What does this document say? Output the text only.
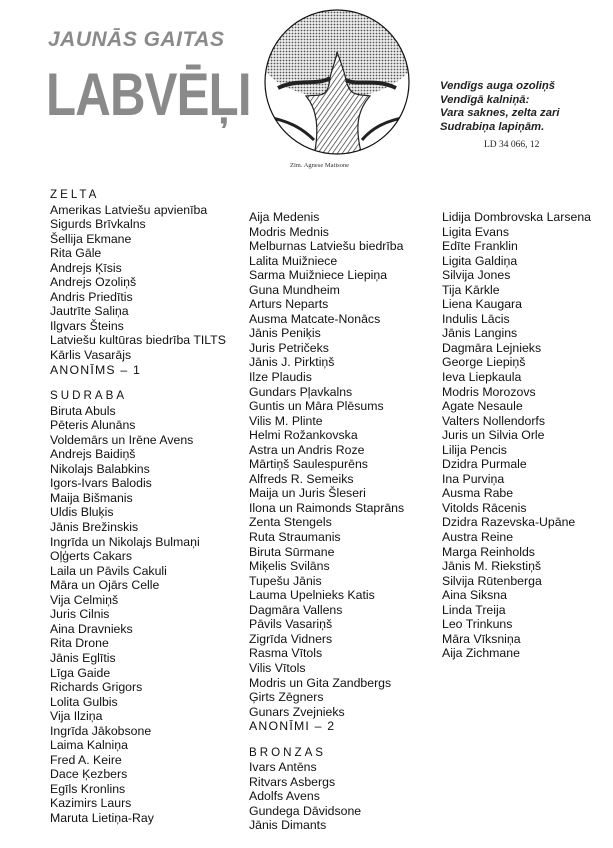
JAUNĀS GAITAS

LABVĒĻI
Zīm. Agnese Matisone
Vendīgs auga ozoliņš
Vendīgā kalniņā:
Vara saknes, zelta zari
Sudrabiņa lapiņām.
LD 34 066, 12
ZELTA
Amerikas Latviešu apvienība
Sigurds Brīvkalns
Šellija Ekmane
Rita Gāle
Andrejs Ķīsis
Andrejs Ozoliņš
Andris Priedītis
Jautrīte Saliņa
Ilgvars Šteins
Latviešu kultūras biedrība TILTS
Kārlis Vasarājs
ANONĪMS – 1
SUDRABA
Biruta Abuls
Pēteris Alunāns
Voldemārs un Irēne Avens
Andrejs Baidiņš
Nikolajs Balabkins
Igors-Ivars Balodis
Maija Bišmanis
Uldis Bluķis
Jānis Brežinskis
Ingrīda un Nikolajs Bulmaņi
Oļģerts Cakars
Laila un Pāvils Cakuli
Māra un Ojārs Celle
Vija Celmiņš
Juris Cilnis
Aina Dravnieks
Rita Drone
Jānis Eglītis
Līga Gaide
Richards Grigors
Lolita Gulbis
Vija Ilziņa
Ingrīda Jākobsone
Laima Kalniņa
Fred A. Keire
Dace Ķezbers
Egīls Kronlins
Kazimirs Laurs
Maruta Lietiņa-Ray
Aija Medenis
Modris Mednis
Melburnas Latviešu biedrība
Lalita Muižniece
Sarma Muižniece Liepiņa
Guna Mundheim
Arturs Neparts
Ausma Matcate-Nonācs
Jānis Peniķis
Juris Petričeks
Jānis J. Pirktiņš
Ilze Plaudis
Gundars Pļavkalns
Guntis un Māra Plēsums
Vilis M. Plinte
Helmi Rožankovska
Astra un Andris Roze
Mārtiņš Saulespurēns
Alfreds R. Semeiks
Maija un Juris Šleseri
Ilona un Raimonds Staprāns
Zenta Stengels
Ruta Straumanis
Biruta Sūrmane
Miķelis Svilāns
Tupešu Jānis
Lauma Upelnieks Katis
Dagmāra Vallens
Pāvils Vasariņš
Zigrīda Vidners
Rasma Vītols
Vilis Vītols
Modris un Gita Zandbergs
Ģirts Zēgners
Gunars Zvejnieks
ANONĪMI – 2
BRONZAS
Ivars Antēns
Ritvars Asbergs
Adolfs Avens
Gundega Dāvidsone
Jānis Dimants
Lidija Dombrovska Larsena
Ligita Evans
Edīte Franklin
Ligita Galdiņa
Silvija Jones
Tija Kārkle
Liena Kaugara
Indulis Lācis
Jānis Langins
Dagmāra Lejnieks
George Liepiņš
Ieva Liepkaula
Modris Morozovs
Agate Nesaule
Valters Nollendorfs
Juris un Silvia Orle
Lilija Pencis
Dzidra Purmale
Ina Purviņa
Ausma Rabe
Vitolds Rācenis
Dzidra Razevska-Upāne
Austra Reine
Marga Reinholds
Jānis M. Riekstiņš
Silvija Rūtenberga
Aina Siksna
Linda Treija
Leo Trinkuns
Māra Vīksniņa
Aija Zichmane
